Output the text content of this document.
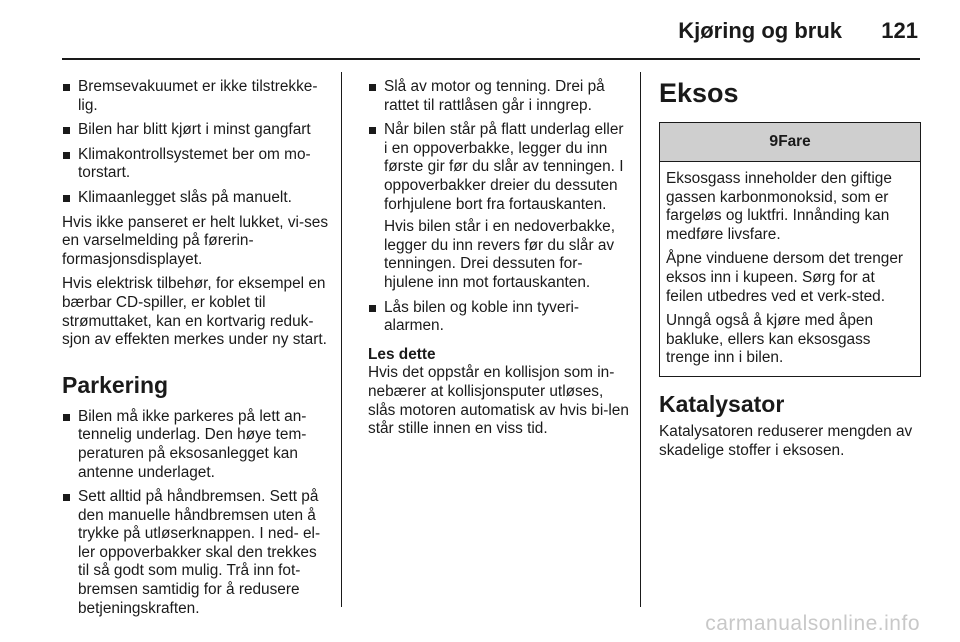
Kjøring og bruk 121
Bremsevakuumet er ikke tilstrekke-lig.
Bilen har blitt kjørt i minst gangfart
Klimakontrollsystemet ber om mo-torstart.
Klimaanlegget slås på manuelt.

Hvis ikke panseret er helt lukket, vi-ses en varselmelding på førerin-formasjonsdisplayet.

Hvis elektrisk tilbehør, for eksempel en bærbar CD-spiller, er koblet til strømuttaket, kan en kortvarig reduk-sjon av effekten merkes under ny start.

Parkering
Bilen må ikke parkeres på lett an-tennelig underlag. Den høye tem-peraturen på eksosanlegget kan antenne underlaget.
Sett alltid på håndbremsen. Sett på den manuelle håndbremsen uten å trykke på utløserknappen. I ned- el-ler oppoverbakker skal den trekkes til så godt som mulig. Trå inn fot-bremsen samtidig for å redusere betjeningskraften.
Slå av motor og tenning. Drei på rattet til rattlåsen går i inngrep.
Når bilen står på flatt underlag eller i en oppoverbakke, legger du inn første gir før du slår av tenningen. I oppoverbakker dreier du dessuten forhjulene bort fra fortauskanten.

Hvis bilen står i en nedoverbakke, legger du inn revers før du slår av tenningen. Drei dessuten for-hjulene inn mot fortauskanten.

Lås bilen og koble inn tyveri-alarmen.

Les dette

Hvis det oppstår en kollisjon som in-nebærer at kollisjonsputer utløses, slås motoren automatisk av hvis bi-len står stille innen en viss tid.

Eksos
9Fare

Eksosgass inneholder den giftige gassen karbonmonoksid, som er fargeløs og luktfri. Innånding kan medføre livsfare.

Åpne vinduene dersom det trenger eksos inn i kupeen. Sørg for at feilen utbedres ved et verk-sted.

Unngå også å kjøre med åpen bakluke, ellers kan eksosgass trenge inn i bilen.

Katalysator

Katalysatoren reduserer mengden av skadelige stoffer i eksosen.

carmanualsonline.info
